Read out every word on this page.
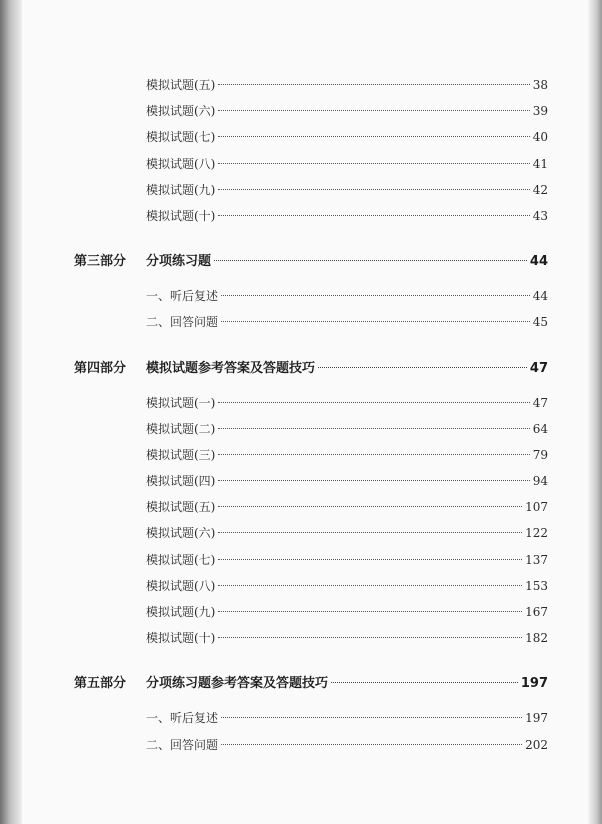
模拟试题(五)	38
模拟试题(六)	39
模拟试题(七)	40
模拟试题(八)	41
模拟试题(九)	42
模拟试题(十)	43
第三部分	分项练习题	44
一、听后复述	44
二、回答问题	45
第四部分	模拟试题参考答案及答题技巧	47
模拟试题(一)	47
模拟试题(二)	64
模拟试题(三)	79
模拟试题(四)	94
模拟试题(五)	107
模拟试题(六)	122
模拟试题(七)	137
模拟试题(八)	153
模拟试题(九)	167
模拟试题(十)	182
第五部分	分项练习题参考答案及答题技巧	197
一、听后复述	197
二、回答问题	202
